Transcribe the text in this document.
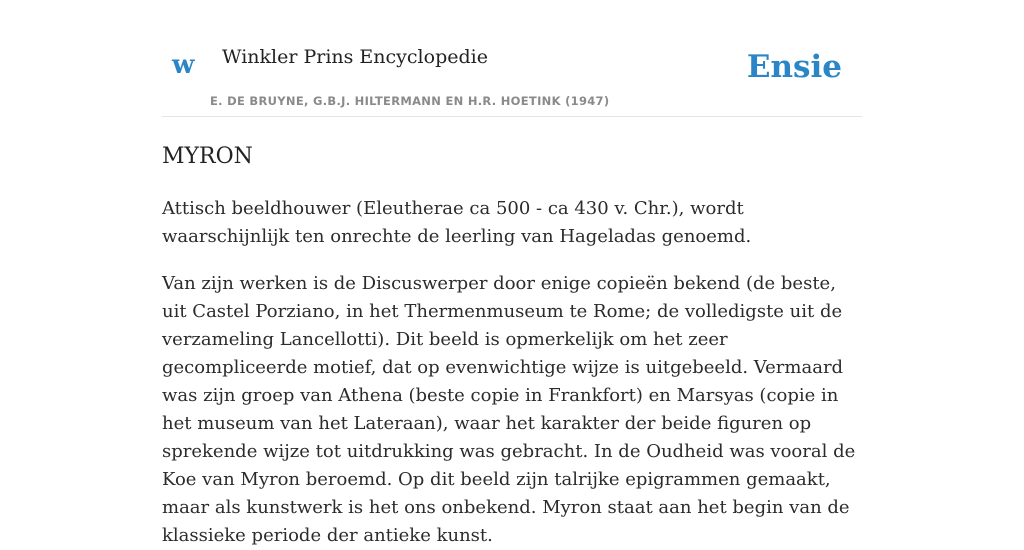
w Winkler Prins Encyclopedie
E. DE BRUYNE, G.B.J. HILTERMANN EN H.R. HOETINK (1947)
Ensie
MYRON

Attisch beeldhouwer (Eleutherae ca 500 - ca 430 v. Chr.), wordt waarschijnlijk ten onrechte de leerling van Hageladas genoemd.

Van zijn werken is de Discuswerper door enige copieën bekend (de beste, uit Castel Porziano, in het Thermenmuseum te Rome; de volledigste uit de verzameling Lancellotti). Dit beeld is opmerkelijk om het zeer gecompliceerde motief, dat op evenwichtige wijze is uitgebeeld. Vermaard was zijn groep van Athena (beste copie in Frankfort) en Marsyas (copie in het museum van het Lateraan), waar het karakter der beide figuren op sprekende wijze tot uitdrukking was gebracht. In de Oudheid was vooral de Koe van Myron beroemd. Op dit beeld zijn talrijke epigrammen gemaakt, maar als kunstwerk is het ons onbekend. Myron staat aan het begin van de klassieke periode der antieke kunst.
